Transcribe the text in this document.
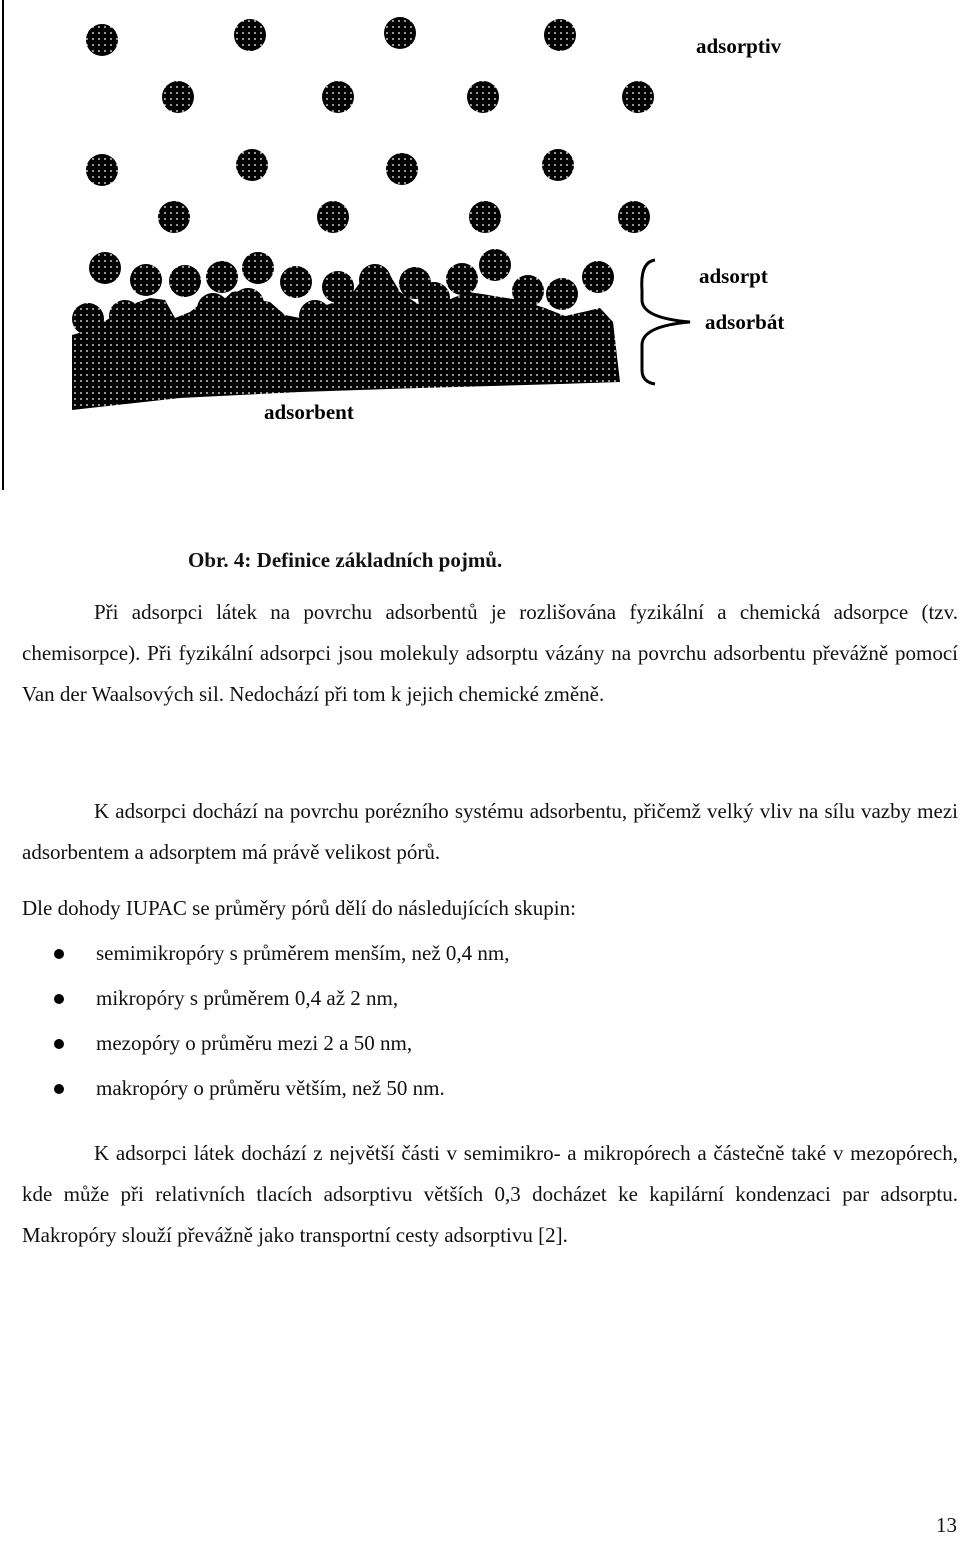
adsorptiv
adsorpt
adsorbát
adsorbent
Obr. 4: Definice základních pojmů.

Při adsorpci látek na povrchu adsorbentů je rozlišována fyzikální a chemická adsorpce (tzv. chemisorpce). Při fyzikální adsorpci jsou molekuly adsorptu vázány na povrchu adsorbentu převážně pomocí Van der Waalsových sil. Nedochází při tom k jejich chemické změně.

K adsorpci dochází na povrchu porézního systému adsorbentu, přičemž velký vliv na sílu vazby mezi adsorbentem a adsorptem má právě velikost pórů.

Dle dohody IUPAC se průměry pórů dělí do následujících skupin:

semimikropóry s průměrem menším, než 0,4 nm,
mikropóry s průměrem 0,4 až 2 nm,
mezopóry o průměru mezi 2 a 50 nm,
makropóry o průměru větším, než 50 nm.

K adsorpci látek dochází z největší části v semimikro- a mikropórech a částečně také v mezopórech, kde může při relativních tlacích adsorptivu větších 0,3 docházet ke kapilární kondenzaci par adsorptu. Makropóry slouží převážně jako transportní cesty adsorptivu [2].

13
